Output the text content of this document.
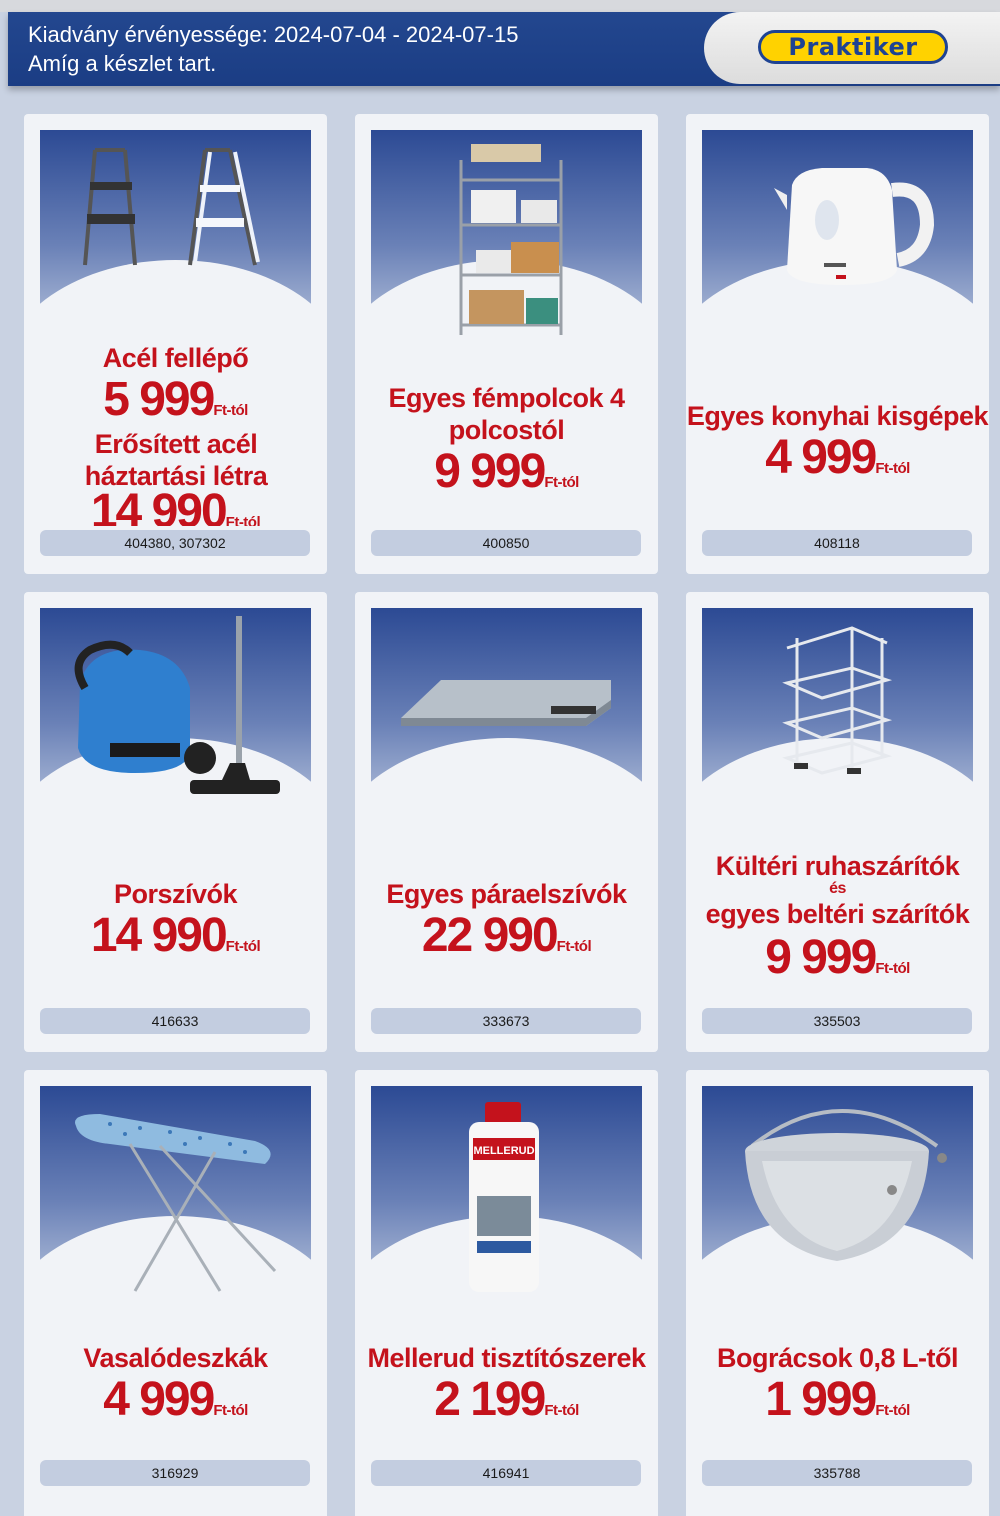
Kiadvány érvényessége: 2024-07-04 - 2024-07-15
Amíg a készlet tart.
Praktiker
Acél fellépő
5 999Ft-tól
Erősített acél háztartási létra
14 990Ft-tól
404380, 307302
Egyes fémpolcok 4 polcostól
9 999Ft-tól
400850
Egyes konyhai kisgépek
4 999Ft-tól
408118
Porszívók
14 990Ft-tól
416633
Egyes páraelszívók
22 990Ft-tól
333673
Kültéri ruhaszárítók
és
egyes beltéri szárítók
9 999Ft-tól
335503
Vasalódeszkák
4 999Ft-tól
316929
MELLERUD
Mellerud tisztítószerek
2 199Ft-tól
416941
Bográcsok 0,8 L-től
1 999Ft-tól
335788
